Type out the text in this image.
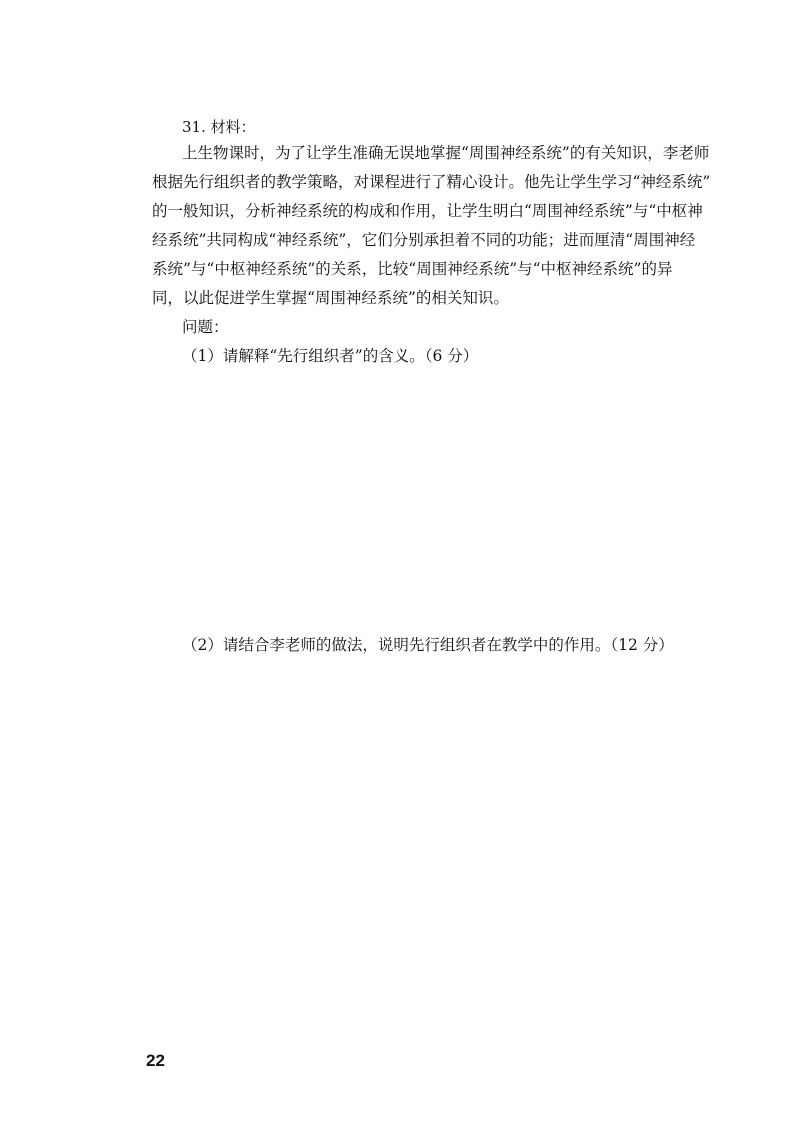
31. 材料：
上生物课时，为了让学生准确无误地掌握“周围神经系统”的有关知识，李老师
根据先行组织者的教学策略，对课程进行了精心设计。他先让学生学习“神经系统”
的一般知识，分析神经系统的构成和作用，让学生明白“周围神经系统”与“中枢神
经系统”共同构成“神经系统”，它们分别承担着不同的功能；进而厘清“周围神经
系统”与“中枢神经系统”的关系，比较“周围神经系统”与“中枢神经系统”的异
同，以此促进学生掌握“周围神经系统”的相关知识。
问题：
（1）请解释“先行组织者”的含义。（6 分）
（2）请结合李老师的做法，说明先行组织者在教学中的作用。（12 分）
22
